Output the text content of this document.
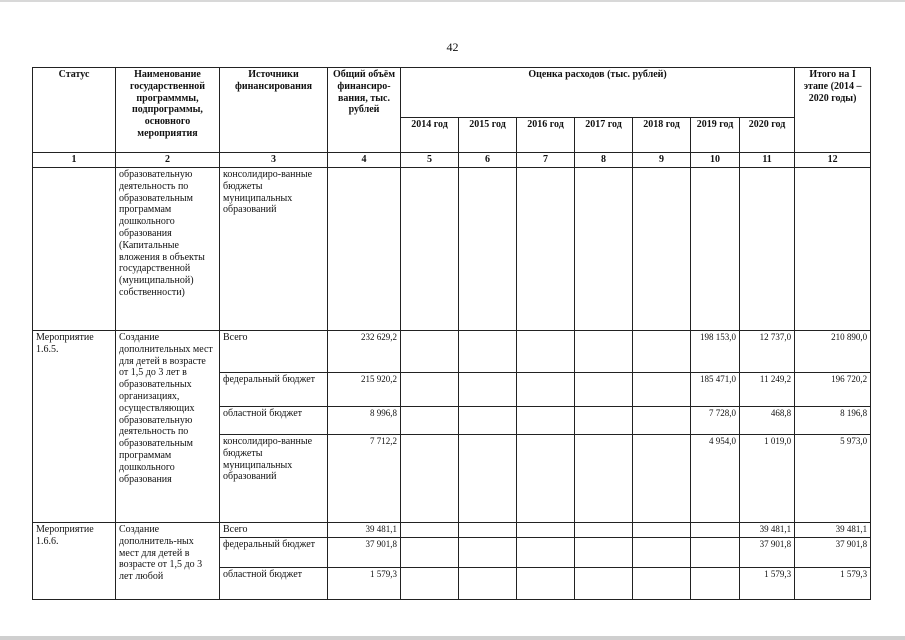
42
Статус	Наименование государственной программмы, подпрограммы, основного мероприятия	Источники финансирования	Общий объём финансиро-вания, тыс. рублей	Оценка расходов (тыс. рублей)							Итого на I этапе (2014 – 2020 годы)
				2014 год	2015 год	2016 год	2017 год	2018 год	2019 год	2020 год	
1	2	3	4	5	6	7	8	9	10	11	12
	образовательную деятельность по образовательным программам дошкольного образования (Капитальные вложения в объекты государственной (муниципальной) собственности)	консолидиро-ванные бюджеты муниципальных образований									
Мероприятие 1.6.5.	Создание дополнительных мест для детей в возрасте от 1,5 до 3 лет в образовательных организациях, осуществляющих образовательную деятельность по образовательным программам дошкольного образования	Всего	232 629,2						198 153,0	12 737,0	210 890,0
		федеральный бюджет	215 920,2						185 471,0	11 249,2	196 720,2
		областной бюджет	8 996,8						7 728,0	468,8	8 196,8
		консолидиро-ванные бюджеты муниципальных образований	7 712,2						4 954,0	1 019,0	5 973,0
Мероприятие 1.6.6.	Создание дополнитель-ных мест для детей в возрасте от 1,5 до 3 лет любой	Всего	39 481,1							39 481,1	39 481,1
		федеральный бюджет	37 901,8							37 901,8	37 901,8
		областной бюджет	1 579,3							1 579,3	1 579,3
